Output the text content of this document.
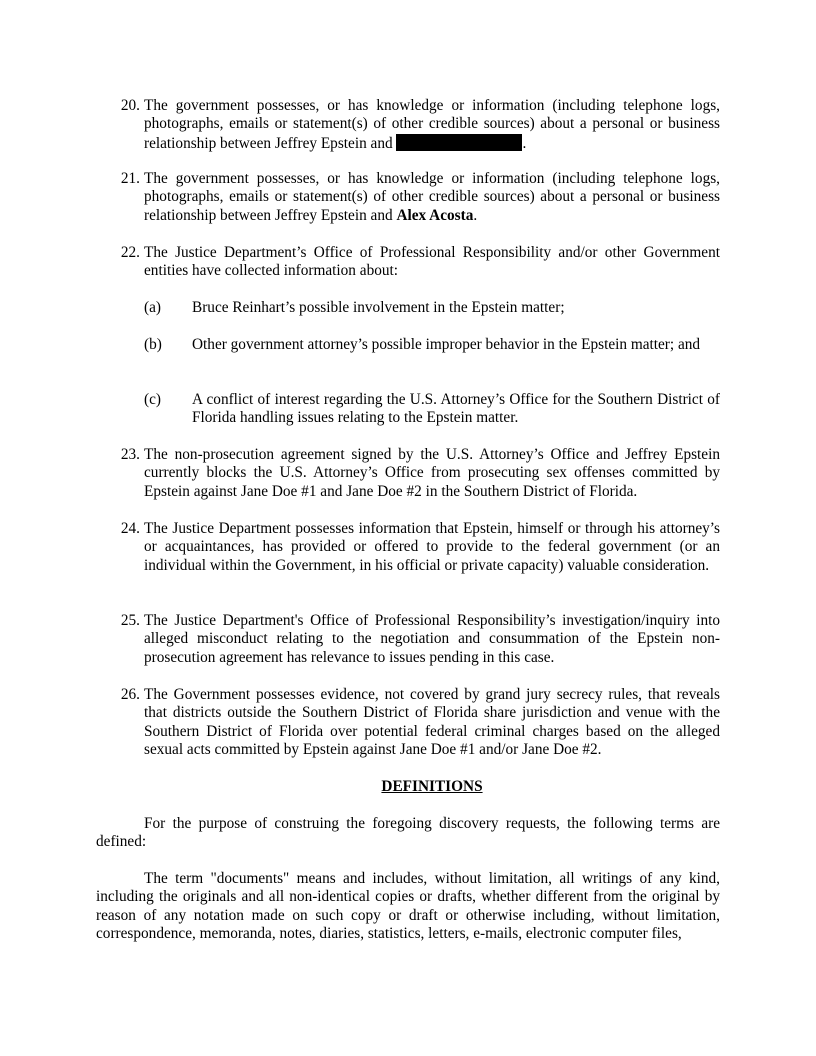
20. The government possesses, or has knowledge or information (including telephone logs, photographs, emails or statement(s) of other credible sources) about a personal or business relationship between Jeffrey Epstein and	.
21. The government possesses, or has knowledge or information (including telephone logs, photographs, emails or statement(s) of other credible sources) about a personal or business relationship between Jeffrey Epstein and Alex Acosta.
22. The Justice Department’s Office of Professional Responsibility and/or other Government entities have collected information about:
(a) Bruce Reinhart’s possible involvement in the Epstein matter;
(b) Other government attorney’s possible improper behavior in the Epstein matter; and
(c) A conflict of interest regarding the U.S. Attorney’s Office for the Southern District of Florida handling issues relating to the Epstein matter.
23. The non-prosecution agreement signed by the U.S. Attorney’s Office and Jeffrey Epstein currently blocks the U.S. Attorney’s Office from prosecuting sex offenses committed by Epstein against Jane Doe #1 and Jane Doe #2 in the Southern District of Florida.
24. The Justice Department possesses information that Epstein, himself or through his attorney’s or acquaintances, has provided or offered to provide to the federal government (or an individual within the Government, in his official or private capacity) valuable consideration.
25. The Justice Department's Office of Professional Responsibility’s investigation/inquiry into alleged misconduct relating to the negotiation and consummation of the Epstein non-prosecution agreement has relevance to issues pending in this case.
26. The Government possesses evidence, not covered by grand jury secrecy rules, that reveals that districts outside the Southern District of Florida share jurisdiction and venue with the Southern District of Florida over potential federal criminal charges based on the alleged sexual acts committed by Epstein against Jane Doe #1 and/or Jane Doe #2.
DEFINITIONS

For the purpose of construing the foregoing discovery requests, the following terms are defined:

The term "documents" means and includes, without limitation, all writings of any kind, including the originals and all non-identical copies or drafts, whether different from the original by reason of any notation made on such copy or draft or otherwise including, without limitation, correspondence, memoranda, notes, diaries, statistics, letters, e-mails, electronic computer files,
